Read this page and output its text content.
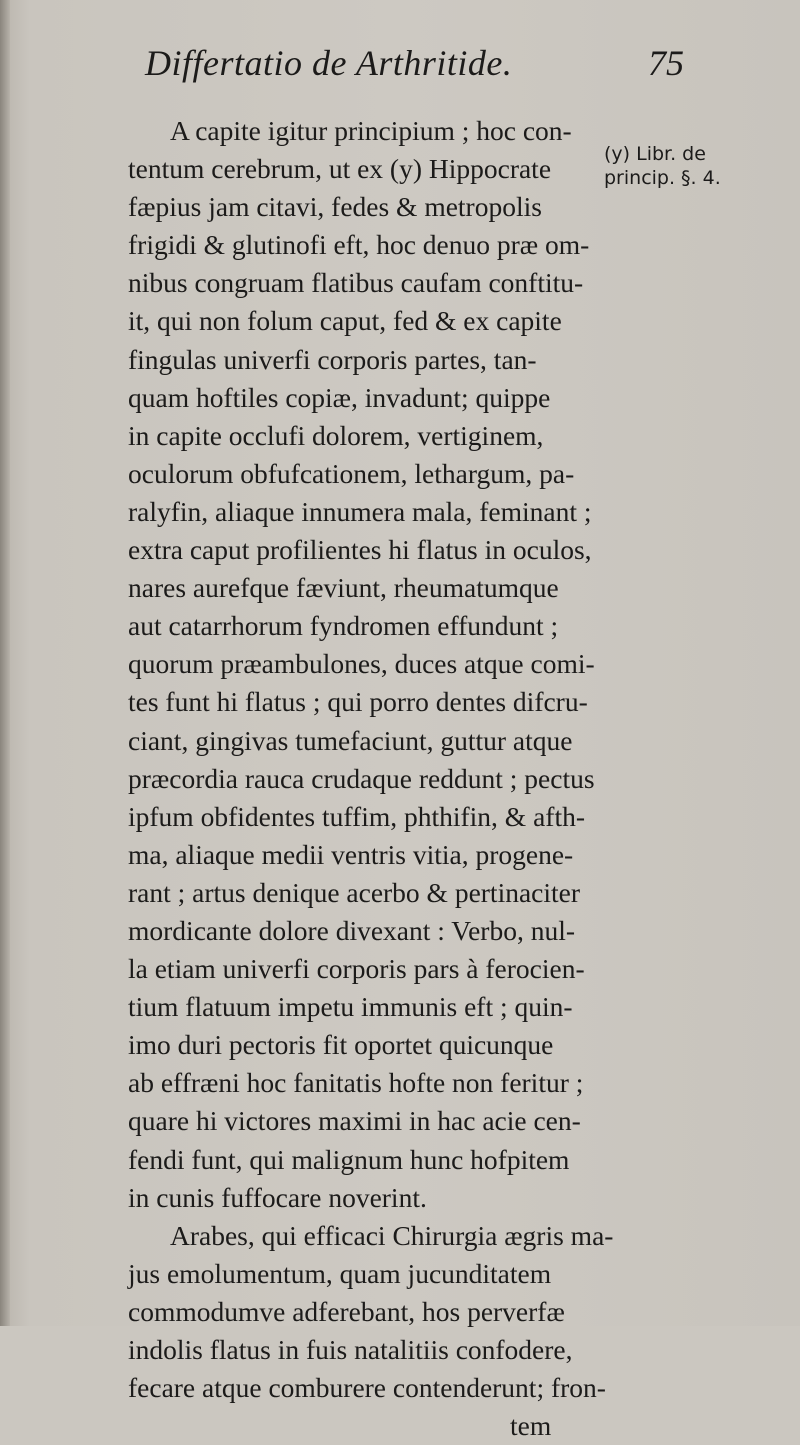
Differtatio de Arthritide.	75
A capite igitur principium ; hoc con-
tentum cerebrum, ut ex (y) Hippocrate
fæpius jam citavi, fedes & metropolis
frigidi & glutinofi eft, hoc denuo præ om-
nibus congruam flatibus caufam conftitu-
it, qui non folum caput, fed & ex capite
fingulas univerfi corporis partes, tan-
quam hoftiles copiæ, invadunt; quippe
in capite occlufi dolorem, vertiginem,
oculorum obfufcationem, lethargum, pa-
ralyfin, aliaque innumera mala, feminant ;
extra caput profilientes hi flatus in oculos,
nares aurefque fæviunt, rheumatumque
aut catarrhorum fyndromen effundunt ;
quorum præambulones, duces atque comi-
tes funt hi flatus ; qui porro dentes difcru-
ciant, gingivas tumefaciunt, guttur atque
præcordia rauca crudaque reddunt ; pectus
ipfum obfidentes tuffim, phthifin, & afth-
ma, aliaque medii ventris vitia, progene-
rant ; artus denique acerbo & pertinaciter
mordicante dolore divexant : Verbo, nul-
la etiam univerfi corporis pars à ferocien-
tium flatuum impetu immunis eft ; quin-
imo duri pectoris fit oportet quicunque
ab effræni hoc fanitatis hofte non feritur ;
quare hi victores maximi in hac acie cen-
fendi funt, qui malignum hunc hofpitem
in cunis fuffocare noverint.
Arabes, qui efficaci Chirurgia ægris ma-
jus emolumentum, quam jucunditatem
commodumve adferebant, hos perverfæ
indolis flatus in fuis natalitiis confodere,
fecare atque comburere contenderunt; fron-
tem
(y) Libr. de
princip. §. 4.
